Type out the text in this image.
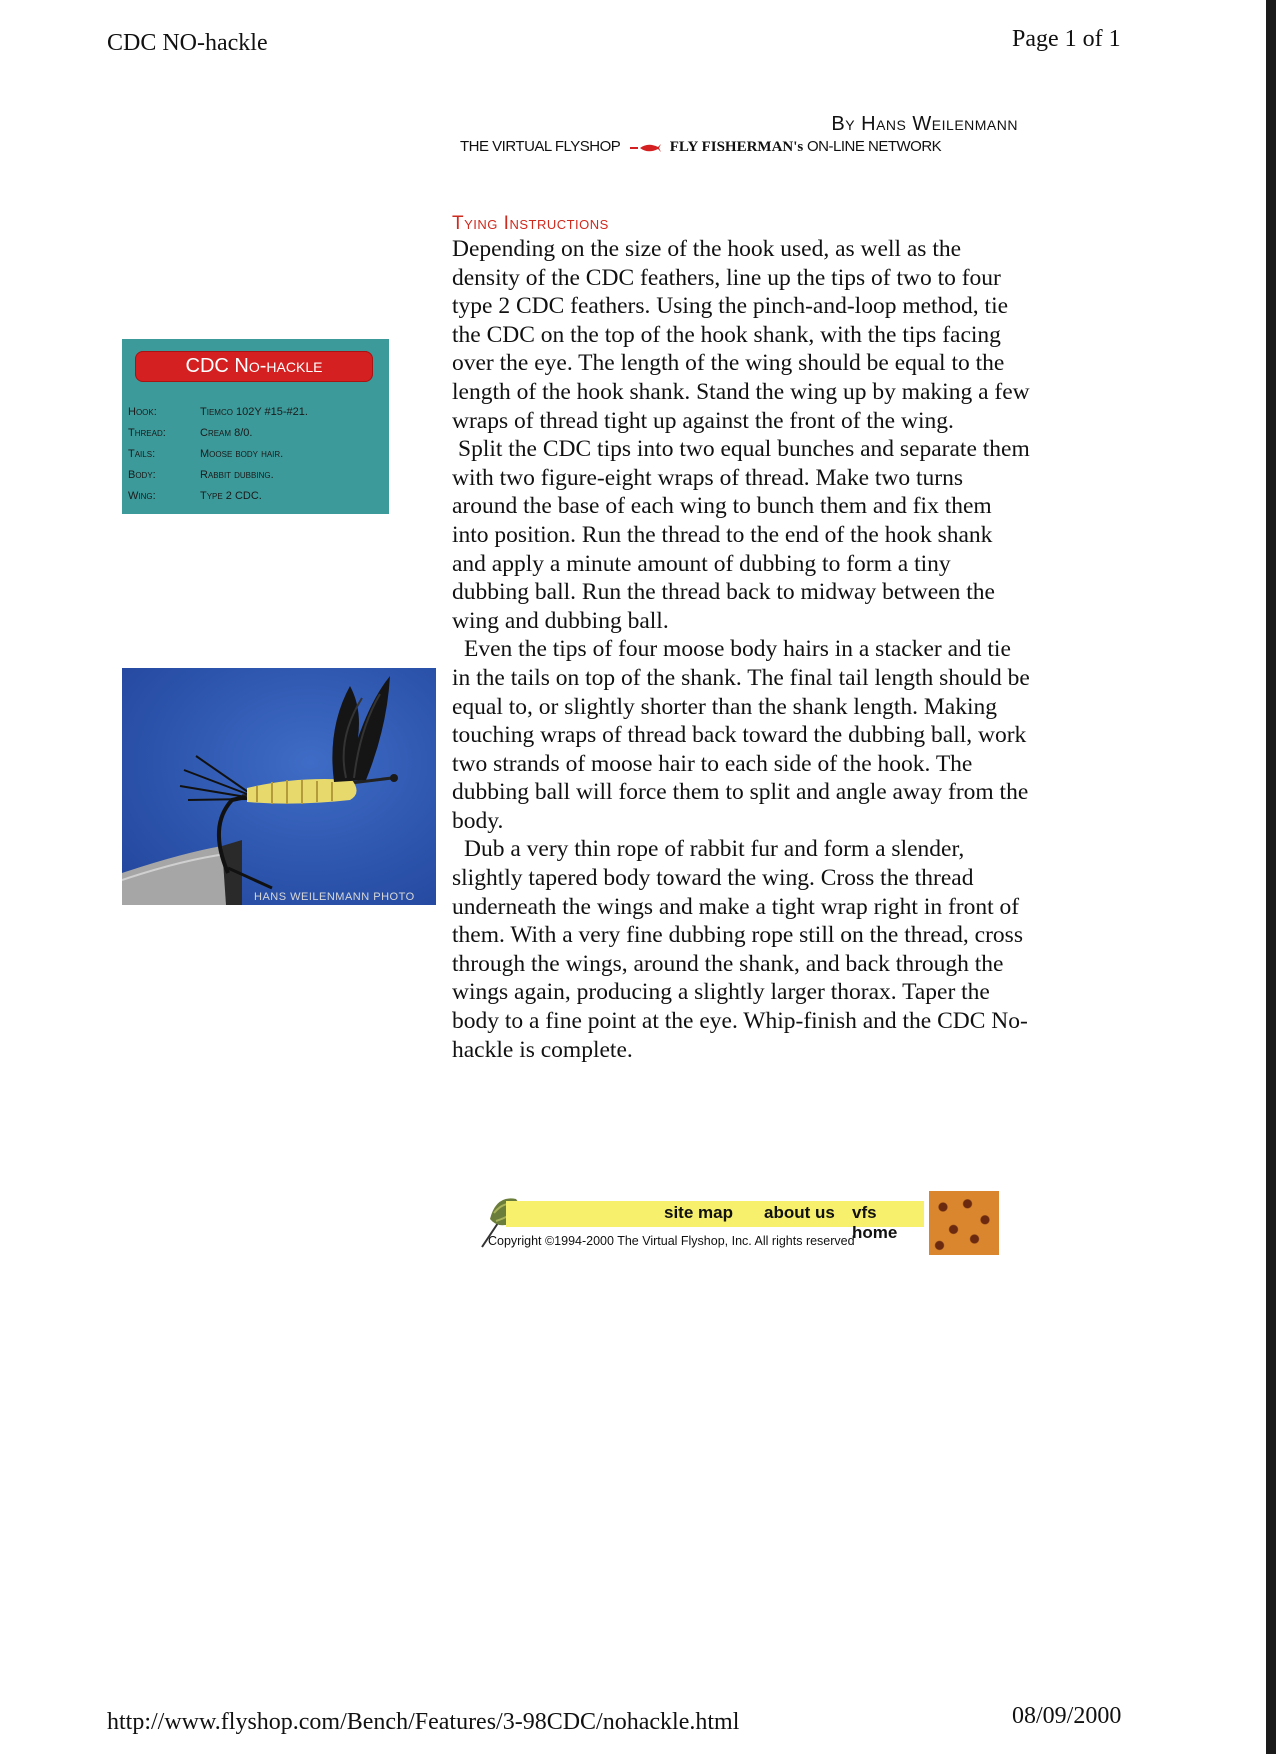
CDC NO-hackle	Page 1 of 1
By Hans Weilenmann
THE VIRTUAL FLYSHOP	FLY FISHERMAN's ON-LINE NETWORK
CDC No-hackle
Hook:	Tiemco 102Y #15-#21.
Thread:	Cream 8/0.
Tails:	Moose body hair.
Body:	Rabbit dubbing.
Wing:	Type 2 CDC.
HANS WEILENMANN PHOTO
Tying Instructions

Depending on the size of the hook used, as well as the density of the CDC feathers, line up the tips of two to four type 2 CDC feathers. Using the pinch-and-loop method, tie the CDC on the top of the hook shank, with the tips facing over the eye. The length of the wing should be equal to the length of the hook shank. Stand the wing up by making a few wraps of thread tight up against the front of the wing.

Split the CDC tips into two equal bunches and separate them with two figure-eight wraps of thread. Make two turns around the base of each wing to bunch them and fix them into position. Run the thread to the end of the hook shank and apply a minute amount of dubbing to form a tiny dubbing ball. Run the thread back to midway between the wing and dubbing ball.

Even the tips of four moose body hairs in a stacker and tie in the tails on top of the shank. The final tail length should be equal to, or slightly shorter than the shank length. Making touching wraps of thread back toward the dubbing ball, work two strands of moose hair to each side of the hook. The dubbing ball will force them to split and angle away from the body.

Dub a very thin rope of rabbit fur and form a slender, slightly tapered body toward the wing. Cross the thread underneath the wings and make a tight wrap right in front of them. With a very fine dubbing rope still on the thread, cross through the wings, around the shank, and back through the wings again, producing a slightly larger thorax. Taper the body to a fine point at the eye. Whip-finish and the CDC No-hackle is complete.

site map about us vfs home
Copyright ©1994-2000 The Virtual Flyshop, Inc. All rights reserved
http://www.flyshop.com/Bench/Features/3-98CDC/nohackle.html	08/09/2000
